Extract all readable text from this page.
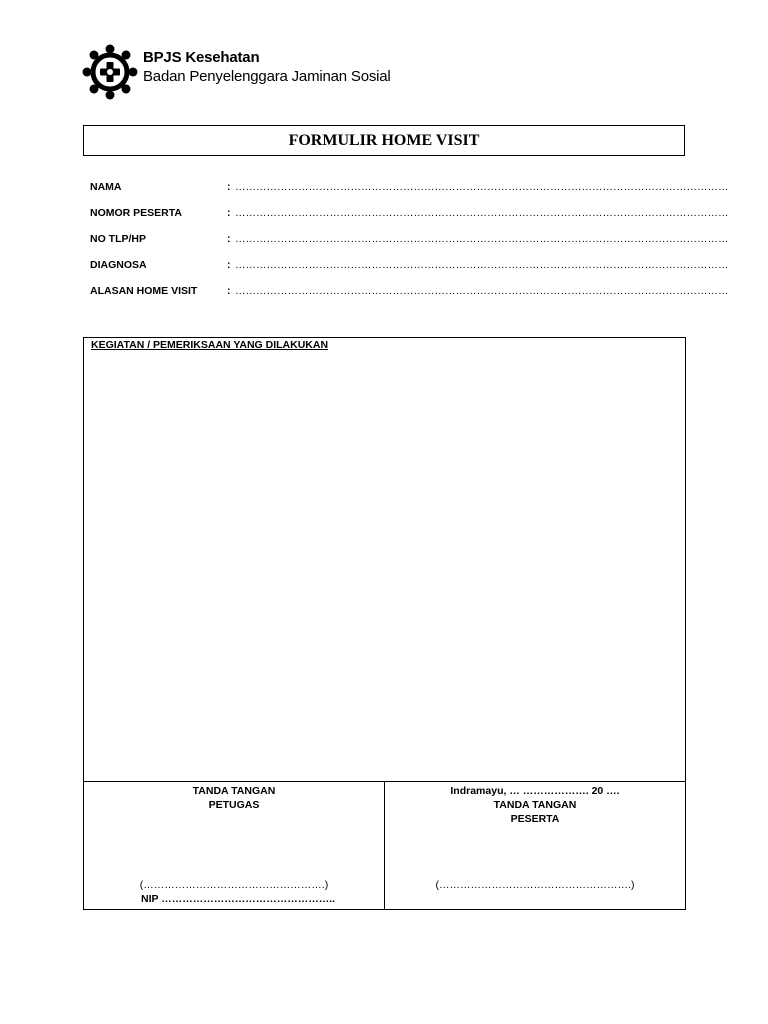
BPJS Kesehatan
Badan Penyelenggara Jaminan Sosial
FORMULIR HOME VISIT
NAMA	: ……………………………………………………………………………………………………………………………
NOMOR PESERTA	: ……………………………………………………………………………………………………………………………
NO TLP/HP	: ……………………………………………………………………………………………………………………………
DIAGNOSA	: ……………………………………………………………………………………………………………………………
ALASAN HOME VISIT	: ……………………………………………………………………………………………………………………………
KEGIATAN / PEMERIKSAAN YANG DILAKUKAN
TANDA TANGAN
PETUGAS
(…………………………………………….)
NIP …………………………………………..
Indramayu, … ………………. 20 ….
TANDA TANGAN
PESERTA
(……………………………………………….)
